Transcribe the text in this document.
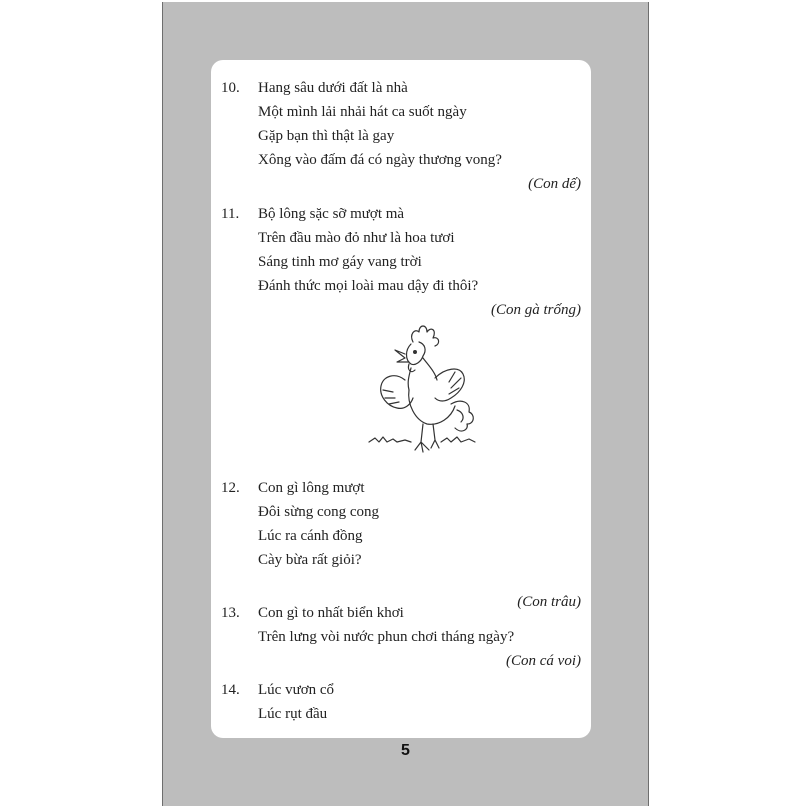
10. Hang sâu dưới đất là nhà
Một mình lải nhải hát ca suốt ngày
Gặp bạn thì thật là gay
Xông vào đấm đá có ngày thương vong?
(Con dế)
11. Bộ lông sặc sỡ mượt mà
Trên đầu mào đỏ như là hoa tươi
Sáng tinh mơ gáy vang trời
Đánh thức mọi loài mau dậy đi thôi?
(Con gà trống)
12. Con gì lông mượt
Đôi sừng cong cong
Lúc ra cánh đồng
Cày bừa rất giỏi?
(Con trâu)
13. Con gì to nhất biển khơi
Trên lưng vòi nước phun chơi tháng ngày?
(Con cá voi)
14. Lúc vươn cổ
Lúc rụt đầu
5
